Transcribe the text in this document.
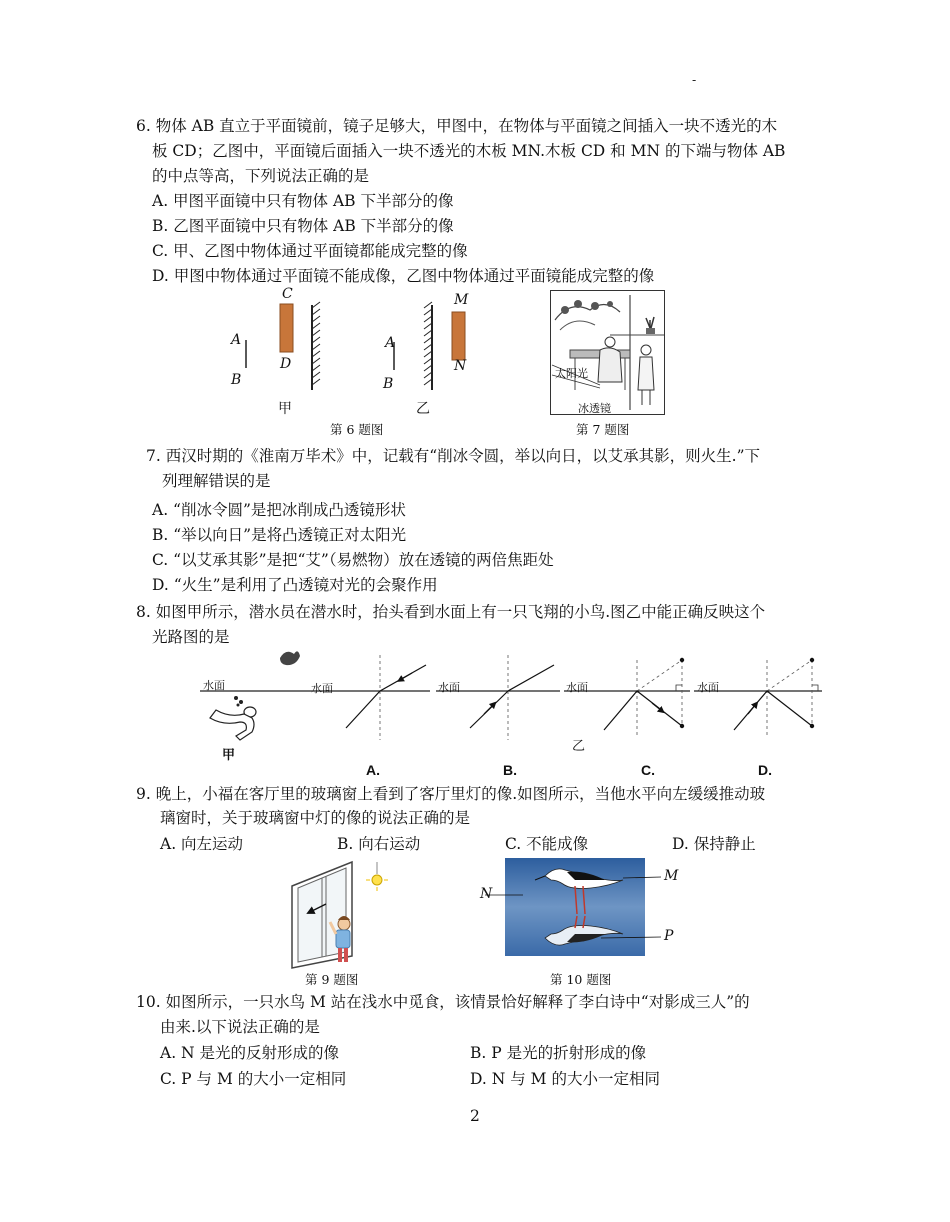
-
6. 物体 AB 直立于平面镜前，镜子足够大，甲图中，在物体与平面镜之间插入一块不透光的木
板 CD；乙图中，平面镜后面插入一块不透光的木板 MN.木板 CD 和 MN 的下端与物体 AB
的中点等高，下列说法正确的是
A. 甲图平面镜中只有物体 AB 下半部分的像
B. 乙图平面镜中只有物体 AB 下半部分的像
C. 甲、乙图中物体通过平面镜都能成完整的像
D. 甲图中物体通过平面镜不能成像，乙图中物体通过平面镜能成完整的像
A
B
C
D
甲
A
B
M
N
乙
第 6 题图
太阳光
冰透镜
第 7 题图
7. 西汉时期的《淮南万毕术》中，记载有“削冰令圆，举以向日，以艾承其影，则火生.”下
列理解错误的是
A. “削冰令圆”是把冰削成凸透镜形状
B. “举以向日”是将凸透镜正对太阳光
C. “以艾承其影”是把“艾”（易燃物）放在透镜的两倍焦距处
D. “火生”是利用了凸透镜对光的会聚作用
8. 如图甲所示，潜水员在潜水时，抬头看到水面上有一只飞翔的小鸟.图乙中能正确反映这个
光路图的是
水面	水面	水面	水面	水面
甲
乙
A.	B.	C.	D.
9. 晚上，小福在客厅里的玻璃窗上看到了客厅里灯的像.如图所示，当他水平向左缓缓推动玻
璃窗时，关于玻璃窗中灯的像的说法正确的是
A. 向左运动	B. 向右运动	C. 不能成像	D. 保持静止
第 9 题图
M
N
P
第 10 题图
10. 如图所示，一只水鸟 M 站在浅水中觅食，该情景恰好解释了李白诗中“对影成三人”的
由来.以下说法正确的是
A. N 是光的反射形成的像	B. P 是光的折射形成的像
C. P 与 M 的大小一定相同	D. N 与 M 的大小一定相同
2
